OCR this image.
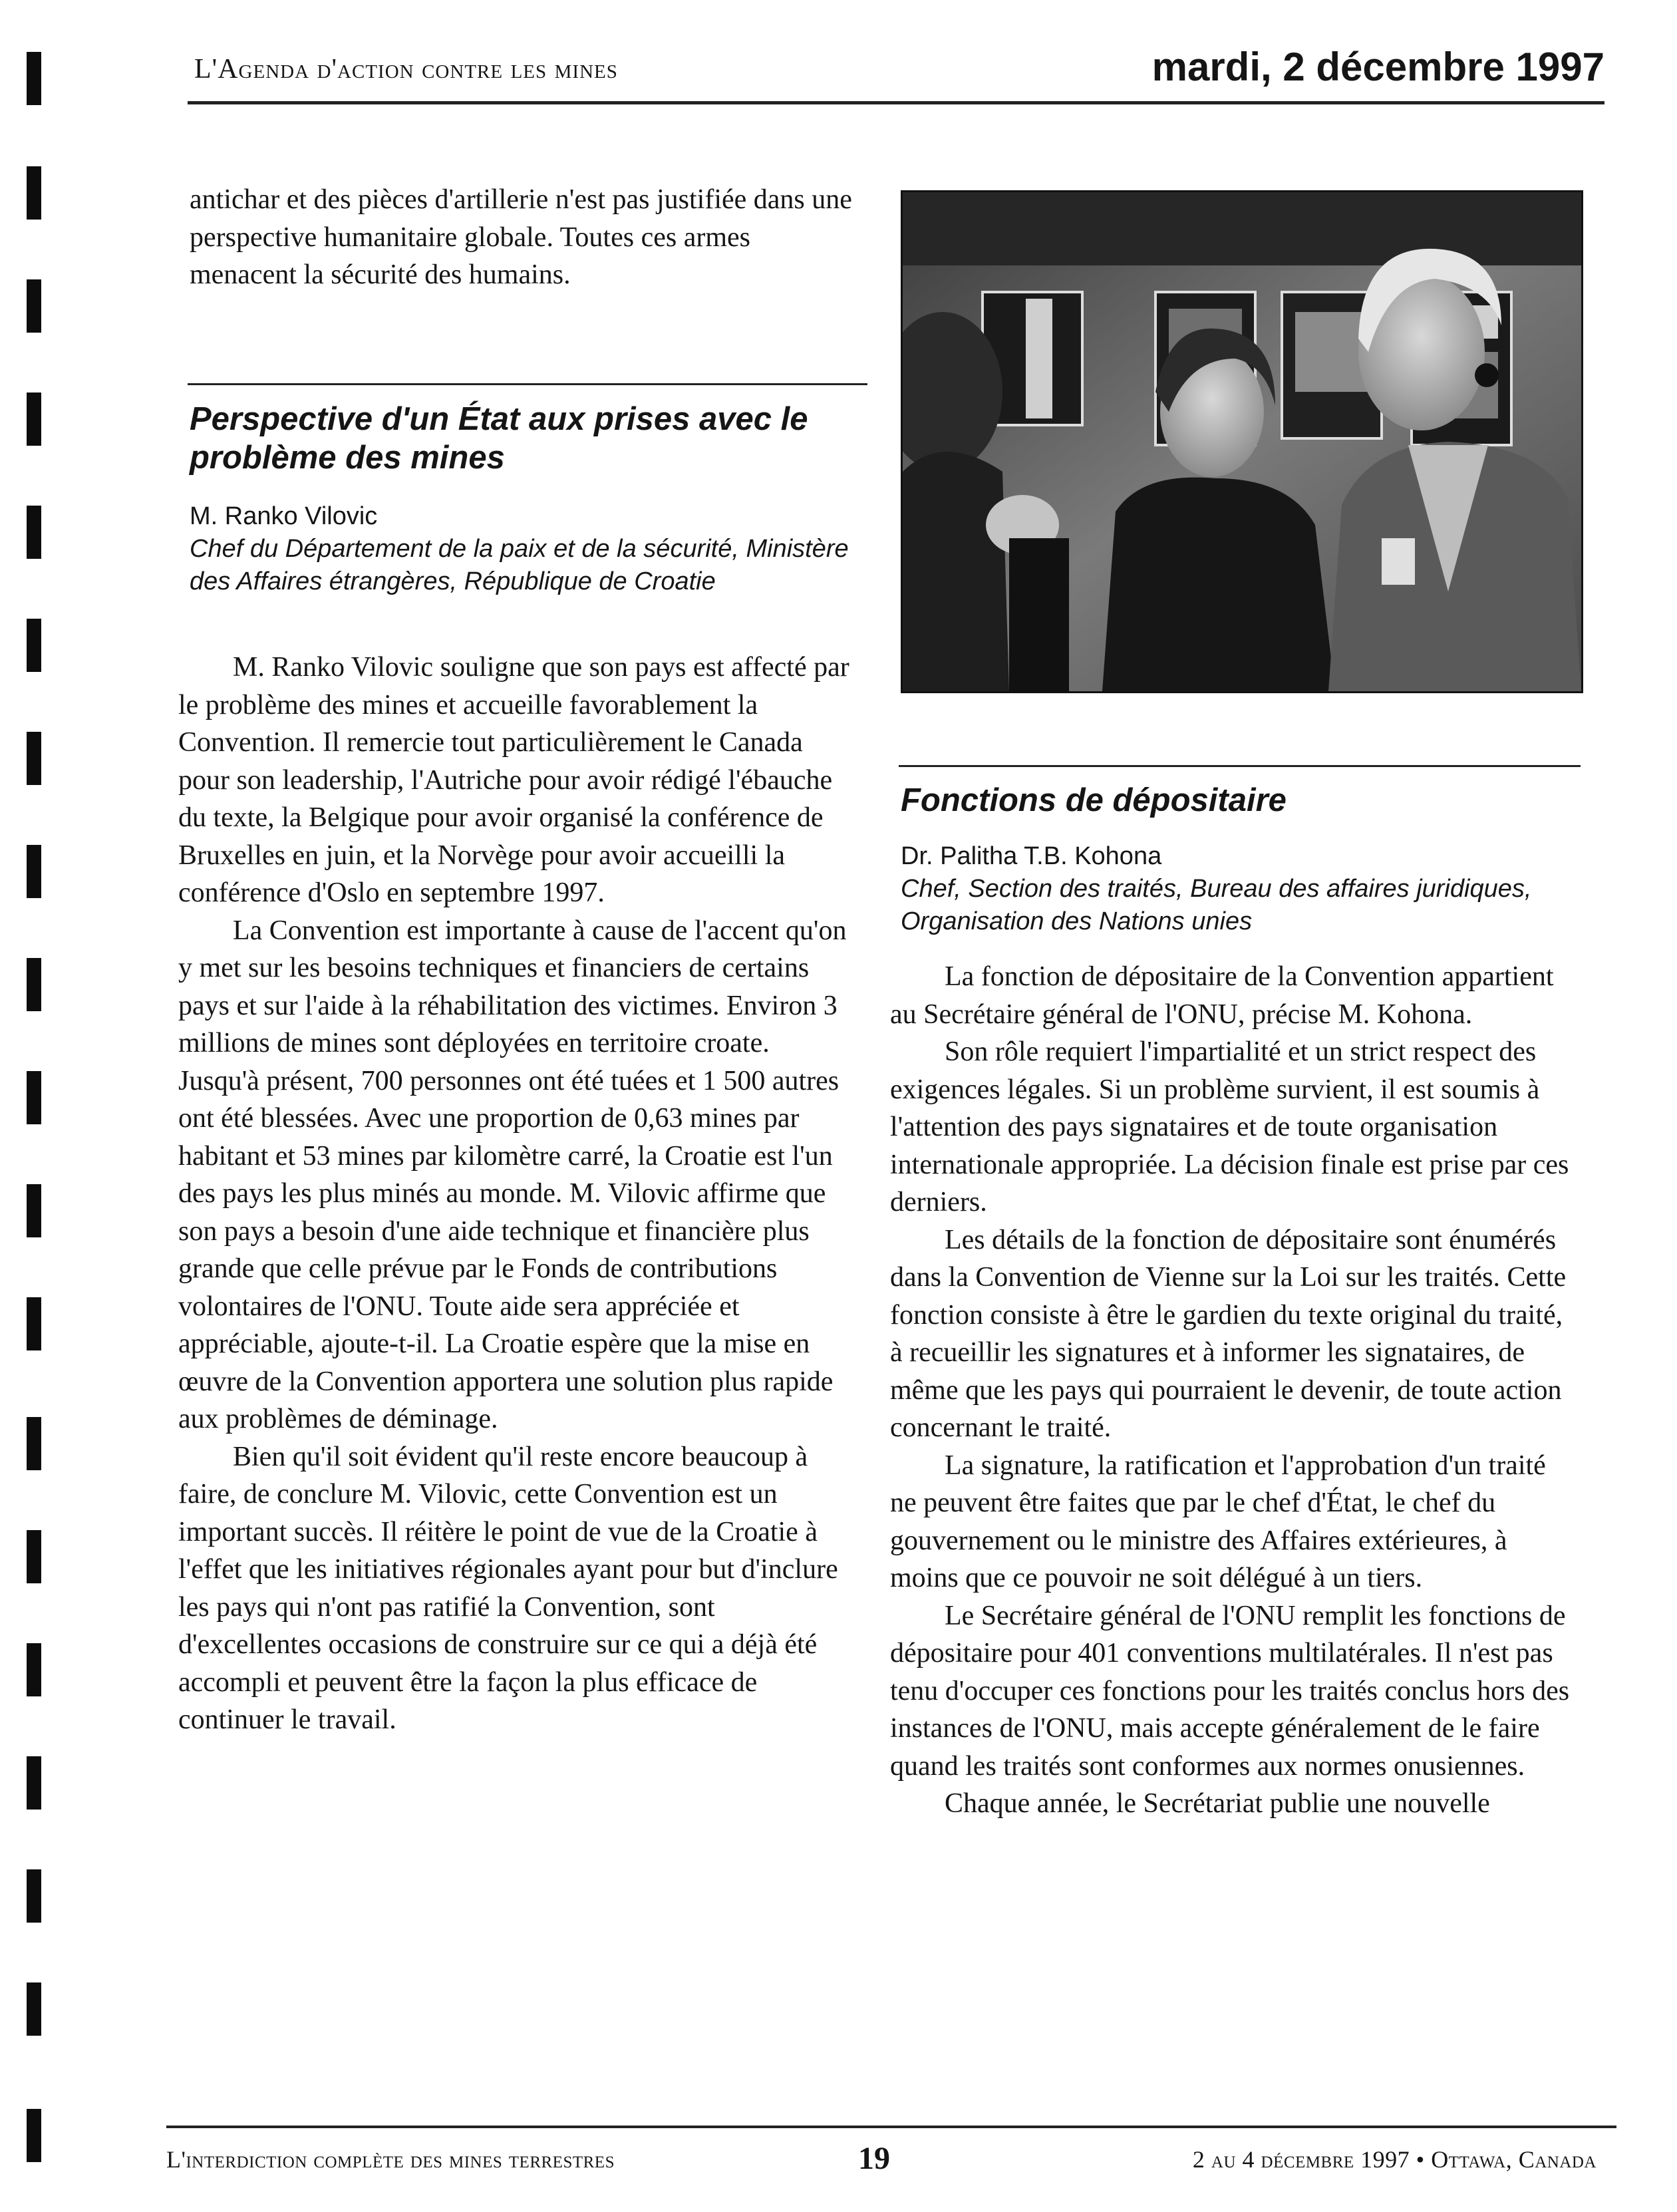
L'Agenda d'action contre les mines	mardi, 2 décembre 1997

antichar et des pièces d'artillerie n'est pas justifiée dans une perspective humanitaire globale. Toutes ces armes menacent la sécurité des humains.

Perspective d'un État aux prises avec le problème des mines
M. Ranko Vilovic
Chef du Département de la paix et de la sécurité, Ministère des Affaires étrangères, République de Croatie

M. Ranko Vilovic souligne que son pays est affecté par le problème des mines et accueille favorablement la Convention. Il remercie tout particulièrement le Canada pour son leadership, l'Autriche pour avoir rédigé l'ébauche du texte, la Belgique pour avoir organisé la conférence de Bruxelles en juin, et la Norvège pour avoir accueilli la conférence d'Oslo en septembre 1997.

La Convention est importante à cause de l'accent qu'on y met sur les besoins techniques et financiers de certains pays et sur l'aide à la réhabilitation des victimes. Environ 3 millions de mines sont déployées en territoire croate. Jusqu'à présent, 700 personnes ont été tuées et 1 500 autres ont été blessées. Avec une proportion de 0,63 mines par habitant et 53 mines par kilomètre carré, la Croatie est l'un des pays les plus minés au monde. M. Vilovic affirme que son pays a besoin d'une aide technique et financière plus grande que celle prévue par le Fonds de contributions volontaires de l'ONU. Toute aide sera appréciée et appréciable, ajoute-t-il. La Croatie espère que la mise en œuvre de la Convention apportera une solution plus rapide aux problèmes de déminage.

Bien qu'il soit évident qu'il reste encore beaucoup à faire, de conclure M. Vilovic, cette Convention est un important succès. Il réitère le point de vue de la Croatie à l'effet que les initiatives régionales ayant pour but d'inclure les pays qui n'ont pas ratifié la Convention, sont d'excellentes occasions de construire sur ce qui a déjà été accompli et peuvent être la façon la plus efficace de continuer le travail.

Fonctions de dépositaire
Dr. Palitha T.B. Kohona
Chef, Section des traités, Bureau des affaires juridiques, Organisation des Nations unies

La fonction de dépositaire de la Convention appartient au Secrétaire général de l'ONU, précise M. Kohona.

Son rôle requiert l'impartialité et un strict respect des exigences légales. Si un problème survient, il est soumis à l'attention des pays signataires et de toute organisation internationale appropriée. La décision finale est prise par ces derniers.

Les détails de la fonction de dépositaire sont énumérés dans la Convention de Vienne sur la Loi sur les traités. Cette fonction consiste à être le gardien du texte original du traité, à recueillir les signatures et à informer les signataires, de même que les pays qui pourraient le devenir, de toute action concernant le traité.

La signature, la ratification et l'approbation d'un traité ne peuvent être faites que par le chef d'État, le chef du gouvernement ou le ministre des Affaires extérieures, à moins que ce pouvoir ne soit délégué à un tiers.

Le Secrétaire général de l'ONU remplit les fonctions de dépositaire pour 401 conventions multilatérales. Il n'est pas tenu d'occuper ces fonctions pour les traités conclus hors des instances de l'ONU, mais accepte généralement de le faire quand les traités sont conformes aux normes onusiennes.

Chaque année, le Secrétariat publie une nouvelle

L'interdiction complète des mines terrestres	19	2 au 4 décembre 1997 • Ottawa, Canada
